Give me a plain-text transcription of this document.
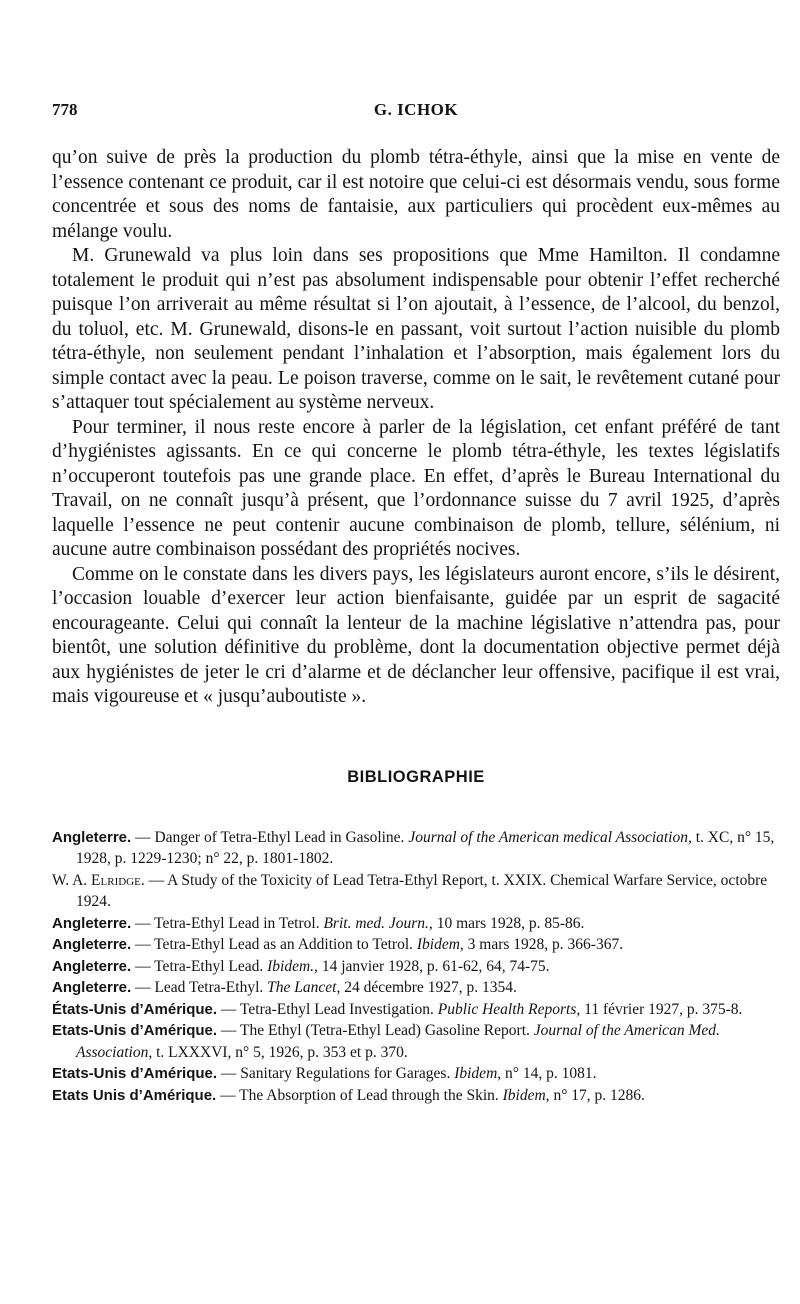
778	G. ICHOK

qu’on suive de près la production du plomb tétra-éthyle, ainsi que la mise en vente de l’essence contenant ce produit, car il est notoire que celui-ci est désormais vendu, sous forme concentrée et sous des noms de fantaisie, aux particuliers qui procèdent eux-mêmes au mélange voulu.

M. Grunewald va plus loin dans ses propositions que Mme Hamilton. Il condamne totalement le produit qui n’est pas absolument indispensable pour obtenir l’effet recherché puisque l’on arriverait au même résultat si l’on ajoutait, à l’essence, de l’alcool, du benzol, du toluol, etc. M. Grunewald, disons-le en passant, voit surtout l’action nuisible du plomb tétra-éthyle, non seulement pendant l’inhalation et l’absorption, mais également lors du simple contact avec la peau. Le poison traverse, comme on le sait, le revêtement cutané pour s’attaquer tout spécialement au système nerveux.

Pour terminer, il nous reste encore à parler de la législation, cet enfant préféré de tant d’hygiénistes agissants. En ce qui concerne le plomb tétra-éthyle, les textes législatifs n’occuperont toutefois pas une grande place. En effet, d’après le Bureau International du Travail, on ne connaît jusqu’à présent, que l’ordonnance suisse du 7 avril 1925, d’après laquelle l’essence ne peut contenir aucune combinaison de plomb, tellure, sélénium, ni aucune autre combinaison possédant des propriétés nocives.

Comme on le constate dans les divers pays, les législateurs auront encore, s’ils le désirent, l’occasion louable d’exercer leur action bienfaisante, guidée par un esprit de sagacité encourageante. Celui qui connaît la lenteur de la machine législative n’attendra pas, pour bientôt, une solution définitive du problème, dont la documentation objective permet déjà aux hygiénistes de jeter le cri d’alarme et de déclancher leur offensive, pacifique il est vrai, mais vigoureuse et « jusqu’auboutiste ».

BIBLIOGRAPHIE
Angleterre. — Danger of Tetra-Ethyl Lead in Gasoline. Journal of the American medical Association, t. XC, n° 15, 1928, p. 1229-1230; n° 22, p. 1801-1802.
W. A. Elridge. — A Study of the Toxicity of Lead Tetra-Ethyl Report, t. XXIX. Chemical Warfare Service, octobre 1924.
Angleterre. — Tetra-Ethyl Lead in Tetrol. Brit. med. Journ., 10 mars 1928, p. 85-86.
Angleterre. — Tetra-Ethyl Lead as an Addition to Tetrol. Ibidem, 3 mars 1928, p. 366-367.
Angleterre. — Tetra-Ethyl Lead. Ibidem., 14 janvier 1928, p. 61-62, 64, 74-75.
Angleterre. — Lead Tetra-Ethyl. The Lancet, 24 décembre 1927, p. 1354.
États-Unis d’Amérique. — Tetra-Ethyl Lead Investigation. Public Health Reports, 11 février 1927, p. 375-8.
Etats-Unis d’Amérique. — The Ethyl (Tetra-Ethyl Lead) Gasoline Report. Journal of the American Med. Association, t. LXXXVI, n° 5, 1926, p. 353 et p. 370.
Etats-Unis d’Amérique. — Sanitary Regulations for Garages. Ibidem, n° 14, p. 1081.
Etats Unis d’Amérique. — The Absorption of Lead through the Skin. Ibidem, n° 17, p. 1286.
